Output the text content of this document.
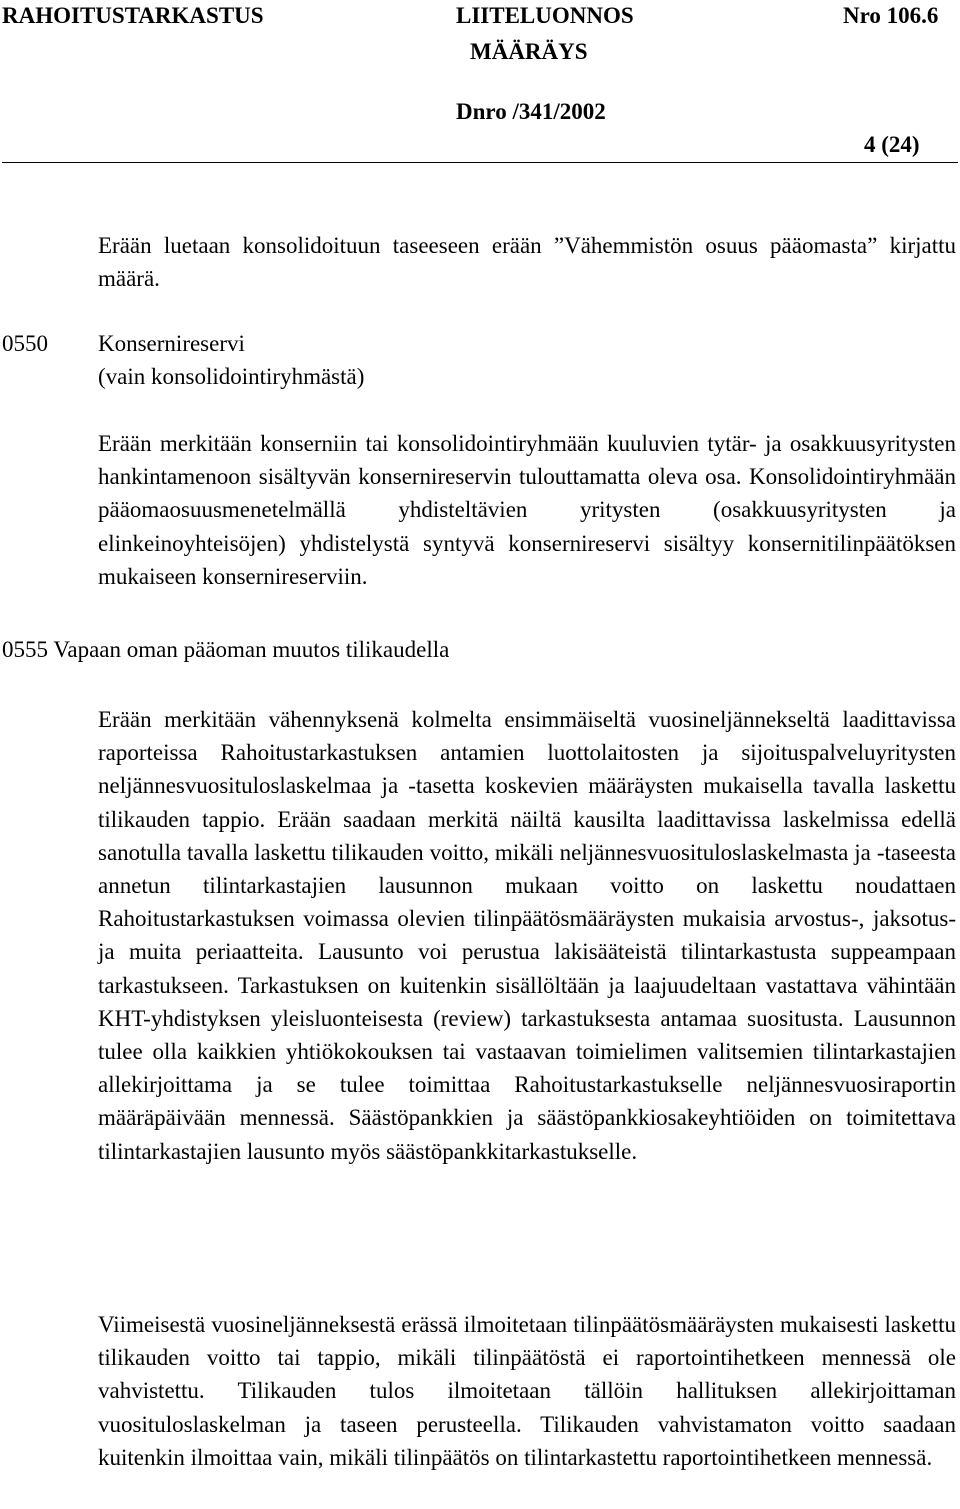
RAHOITUSTARKASTUS	LIITELUONNOS	Nro 106.6
MÄÄRÄYS
Dnro /341/2002
4 (24)
Erään luetaan konsolidoituun taseeseen erään ”Vähemmistön osuus pääomasta” kirjattu määrä.
0550 Konsernireservi
(vain konsolidointiryhmästä)
Erään merkitään konserniin tai konsolidointiryhmään kuuluvien tytär- ja osakkuusyritysten hankintamenoon sisältyvän konsernireservin tulouttamatta oleva osa. Konsolidointiryhmään pääomaosuusmenetelmällä yhdisteltävien yritysten (osakkuusyritysten ja elinkeinoyhteisöjen) yhdistelystä syntyvä konsernireservi sisältyy konsernitilinpäätöksen mukaiseen konsernireserviin.
0555 Vapaan oman pääoman muutos tilikaudella
Erään merkitään vähennyksenä kolmelta ensimmäiseltä vuosineljännekseltä laadittavissa raporteissa Rahoitustarkastuksen antamien luottolaitosten ja sijoituspalveluyritysten neljännesvuosituloslaskelmaa ja -tasetta koskevien määräysten mukaisella tavalla laskettu tilikauden tappio. Erään saadaan merkitä näiltä kausilta laadittavissa laskelmissa edellä sanotulla tavalla laskettu tilikauden voitto, mikäli neljännesvuosituloslaskelmasta ja -taseesta annetun tilintarkastajien lausunnon mukaan voitto on laskettu noudattaen Rahoitustarkastuksen voimassa olevien tilinpäätösmääräysten mukaisia arvostus-, jaksotus- ja muita periaatteita. Lausunto voi perustua lakisääteistä tilintarkastusta suppeampaan tarkastukseen. Tarkastuksen on kuitenkin sisällöltään ja laajuudeltaan vastattava vähintään KHT-yhdistyksen yleisluonteisesta (review) tarkastuksesta antamaa suositusta. Lausunnon tulee olla kaikkien yhtiökokouksen tai vastaavan toimielimen valitsemien tilintarkastajien allekirjoittama ja se tulee toimittaa Rahoitustarkastukselle neljännesvuosiraportin määräpäivään mennessä. Säästöpankkien ja säästöpankkiosakeyhtiöiden on toimitettava tilintarkastajien lausunto myös säästöpankkitarkastukselle.
Viimeisestä vuosineljänneksestä erässä ilmoitetaan tilinpäätösmääräysten mukaisesti laskettu tilikauden voitto tai tappio, mikäli tilinpäätöstä ei raportointihetkeen mennessä ole vahvistettu. Tilikauden tulos ilmoitetaan tällöin hallituksen allekirjoittaman vuosituloslaskelman ja taseen perusteella. Tilikauden vahvistamaton voitto saadaan kuitenkin ilmoittaa vain, mikäli tilinpäätös on tilintarkastettu raportointihetkeen mennessä.
